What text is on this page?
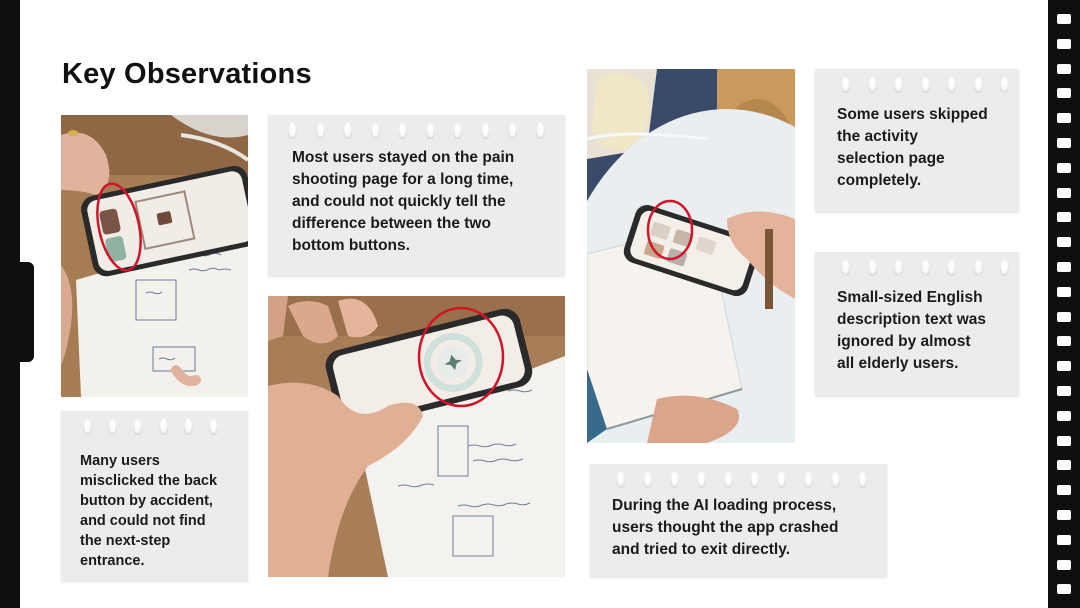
Key Observations
Most users stayed on the pain
shooting page for a long time,
and could not quickly tell the
difference between the two
bottom buttons.
Some users skipped
the activity
selection page
completely.
Small-sized English
description text was
ignored by almost
all elderly users.
Many users
misclicked the back
button by accident,
and could not find
the next-step
entrance.
During the AI loading process,
users thought the app crashed
and tried to exit directly.
